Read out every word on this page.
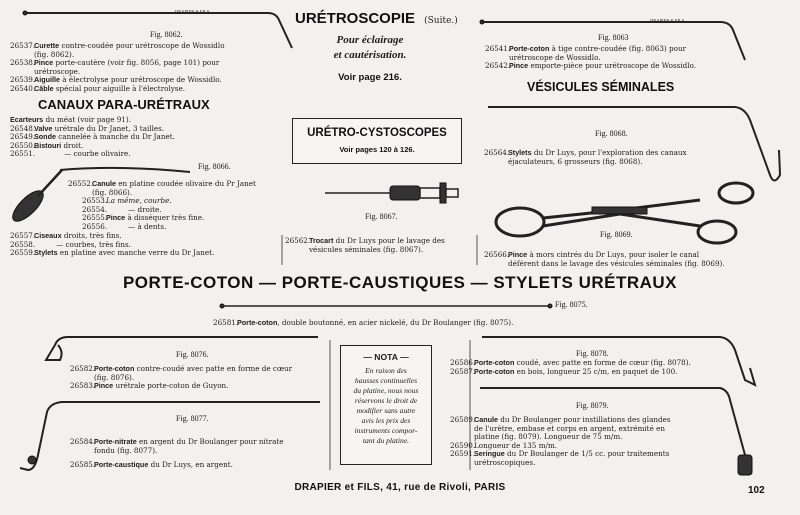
DRAPIER & FILS
DRAPIER & FILS
URÉTROSCOPIE (Suite.)
Pour éclairage
et cautérisation.
Voir page 216.
Fig. 8062.
26537.Curette contre-coudée pour urétroscope de Wossidlo
(fig. 8062).
26538.Pince porte-cautère (voir fig. 8056, page 101) pour
urétroscope.
26539.Aiguille à électrolyse pour urétroscope de Wossidlo.
26540.Câble spécial pour aiguille à l'électrolyse.
CANAUX PARA-URÉTRAUX
Ecarteurs du méat (voir page 91).
26548.Valve urétrale du Dr Janet, 3 tailles.
26549.Sonde cannelée à manche du Dr Janet.
26550.Bistouri droit.
26551.	— courbe olivaire.
Fig. 8066.
26552.Canule en platine coudée olivaire du Pr Janet
(fig. 8066).
26553.La même, courbe.
26554.	— droite.
26555.Pince à disséquer très fine.
26556.	— à dents.
26557.Ciseaux droits, très fins.
26558.	— courbes, très fins.
26559.Stylets en platine avec manche verre du Dr Janet.
URÉTRO-CYSTOSCOPES
Voir pages 120 à 126.
Fig. 8067.
26562.Trocart du Dr Luys pour le lavage des
vésicules séminales (fig. 8067).
Fig. 8063
26541.Porte-coton à tige contre-coudée (fig. 8063) pour
urétroscope de Wossidlo.
26542.Pince emporte-pièce pour urétroscope de Wossidlo.
VÉSICULES SÉMINALES
Fig. 8068.
26564.Stylets du Dr Luys, pour l'exploration des canaux
éjaculateurs, 6 grosseurs (fig. 8068).
Fig. 8069.
26566.Pince à mors cintrés du Dr Luys, pour isoler le canal
déférent dans le lavage des vésicules séminales (fig. 8069).
PORTE-COTON — PORTE-CAUSTIQUES — STYLETS URÉTRAUX
Fig. 8075.
26581.Porte-coton, double boutonné, en acier nickelé, du Dr Boulanger (fig. 8075).
Fig. 8076.
26582.Porte-coton contre-coudé avec patte en forme de cœur
(fig. 8076).
26583.Pince urétrale porte-coton de Guyon.
Fig. 8077.
26584.Porte-nitrate en argent du Dr Boulanger pour nitrate
fondu (fig. 8077).
26585.Porte-caustique du Dr Luys, en argent.
— NOTA —
En raison des
hausses continuelles
du platine, nous nous
réservons le droit de
modifier sans autre
avis les prix des
instruments compor-
tant du platine.
Fig. 8078.
26586.Porte-coton coudé, avec patte en forme de cœur (fig. 8078).
26587.Porte-coton en bois, longueur 25 c/m, en paquet de 100.
Fig. 8079.
26589.Canule du Dr Boulanger pour instillations des glandes
de l'urètre, embase et corps en argent, extrémité en
platine (fig. 8079). Longueur de 75 m/m.
26590.Longueur de 135 m/m.
26591.Seringue du Dr Boulanger de 1/5 cc. pour traitements
urétroscopiques.
DRAPIER et FILS, 41, rue de Rivoli, PARIS	102
